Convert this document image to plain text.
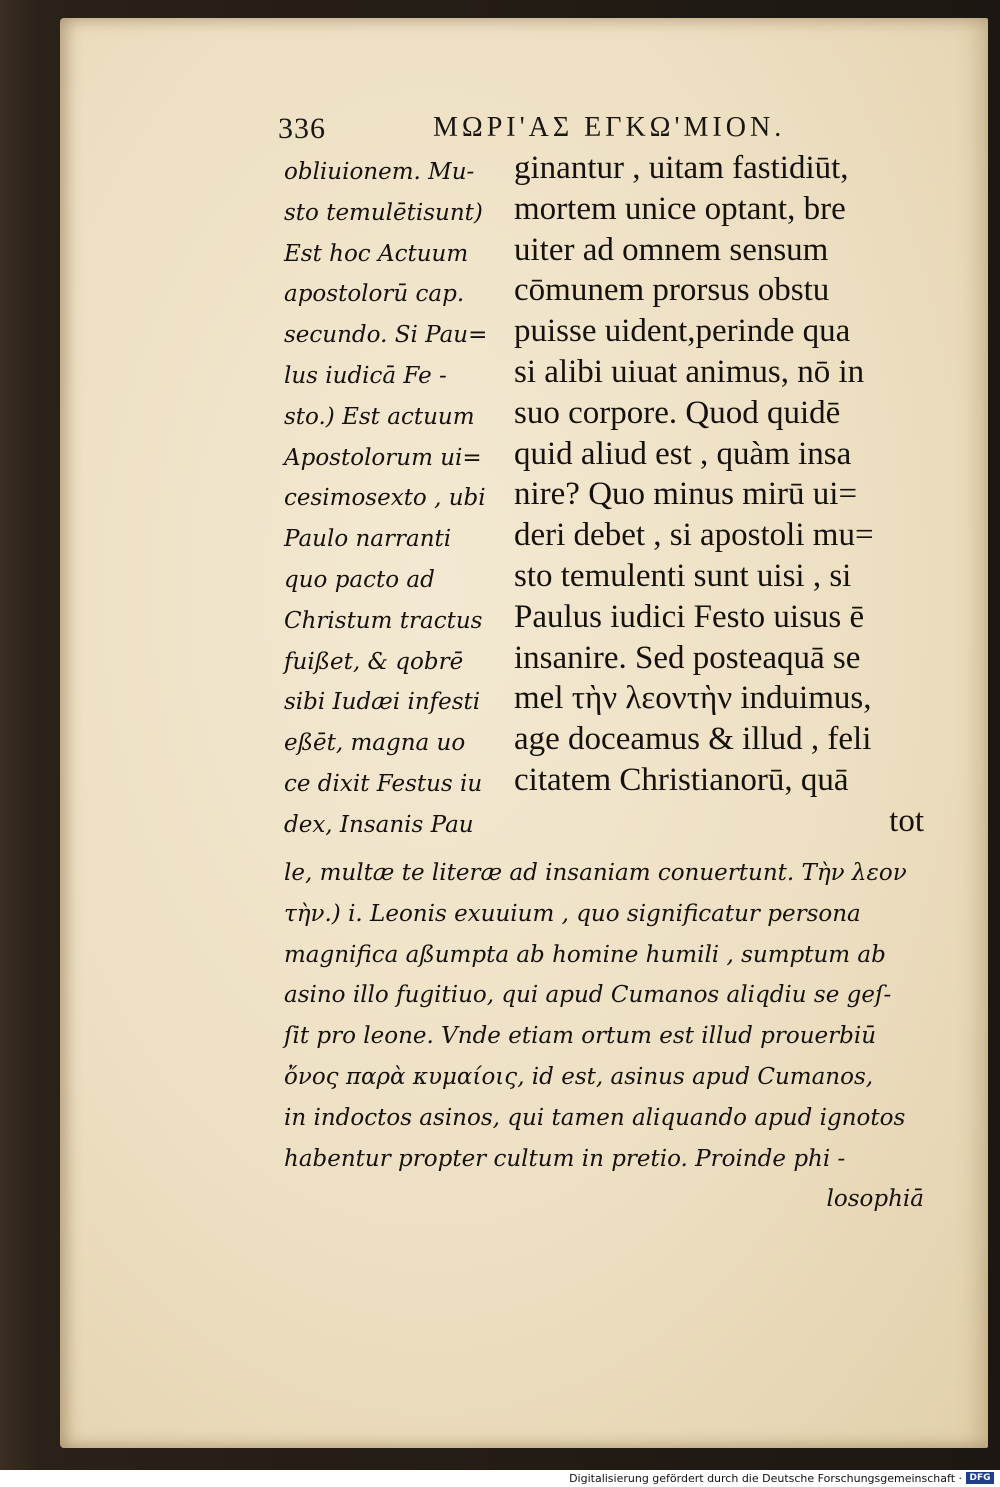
336	ΜΩΡΙ'ΑΣ ΕΓΚΩ'ΜΙΟΝ.
obliuionem. Mu-
sto temulētisunt)
Est hoc Actuum
apostolorū cap.
secundo. Si Pau=
lus iudicā Fe -
sto.) Est actuum
Apostolorum ui=
cesimosexto , ubi
Paulo narranti
quo pacto ad
Christum tractus
fuißet, & qobrē
sibi Iudæi infesti
eßēt, magna uo
ce dixit Festus iu
dex, Insanis Pau
ginantur , uitam fastidiūt,
mortem unice optant, bre
uiter ad omnem sensum
cōmunem prorsus obstu
puisse uident,perinde qua
si alibi uiuat animus, nō in
suo corpore. Quod quidē
quid aliud est , quàm insa
nire? Quo minus mirū ui=
deri debet , si apostoli mu=
sto temulenti sunt uisi , si
Paulus iudici Festo uisus ē
insanire. Sed posteaquā se
mel τὴν λεοντὴν induimus,
age doceamus & illud , feli
citatem Christianorū, quā
tot
le, multæ te literæ ad insaniam conuertunt. Τὴν λεον
τὴν.) i. Leonis exuuium , quo significatur persona
magnifica aßumpta ab homine humili , sumptum ab
asino illo fugitiuo, qui apud Cumanos aliqdiu se geſ-
ſit pro leone. Vnde etiam ortum est illud prouerbiū
ὄνος παρὰ κυμαίοις, id est, asinus apud Cumanos,
in indoctos asinos, qui tamen aliquando apud ignotos
habentur propter cultum in pretio. Proinde phi -
losophiā
Digitalisierung gefördert durch die Deutsche Forschungsgemeinschaft · DFG
